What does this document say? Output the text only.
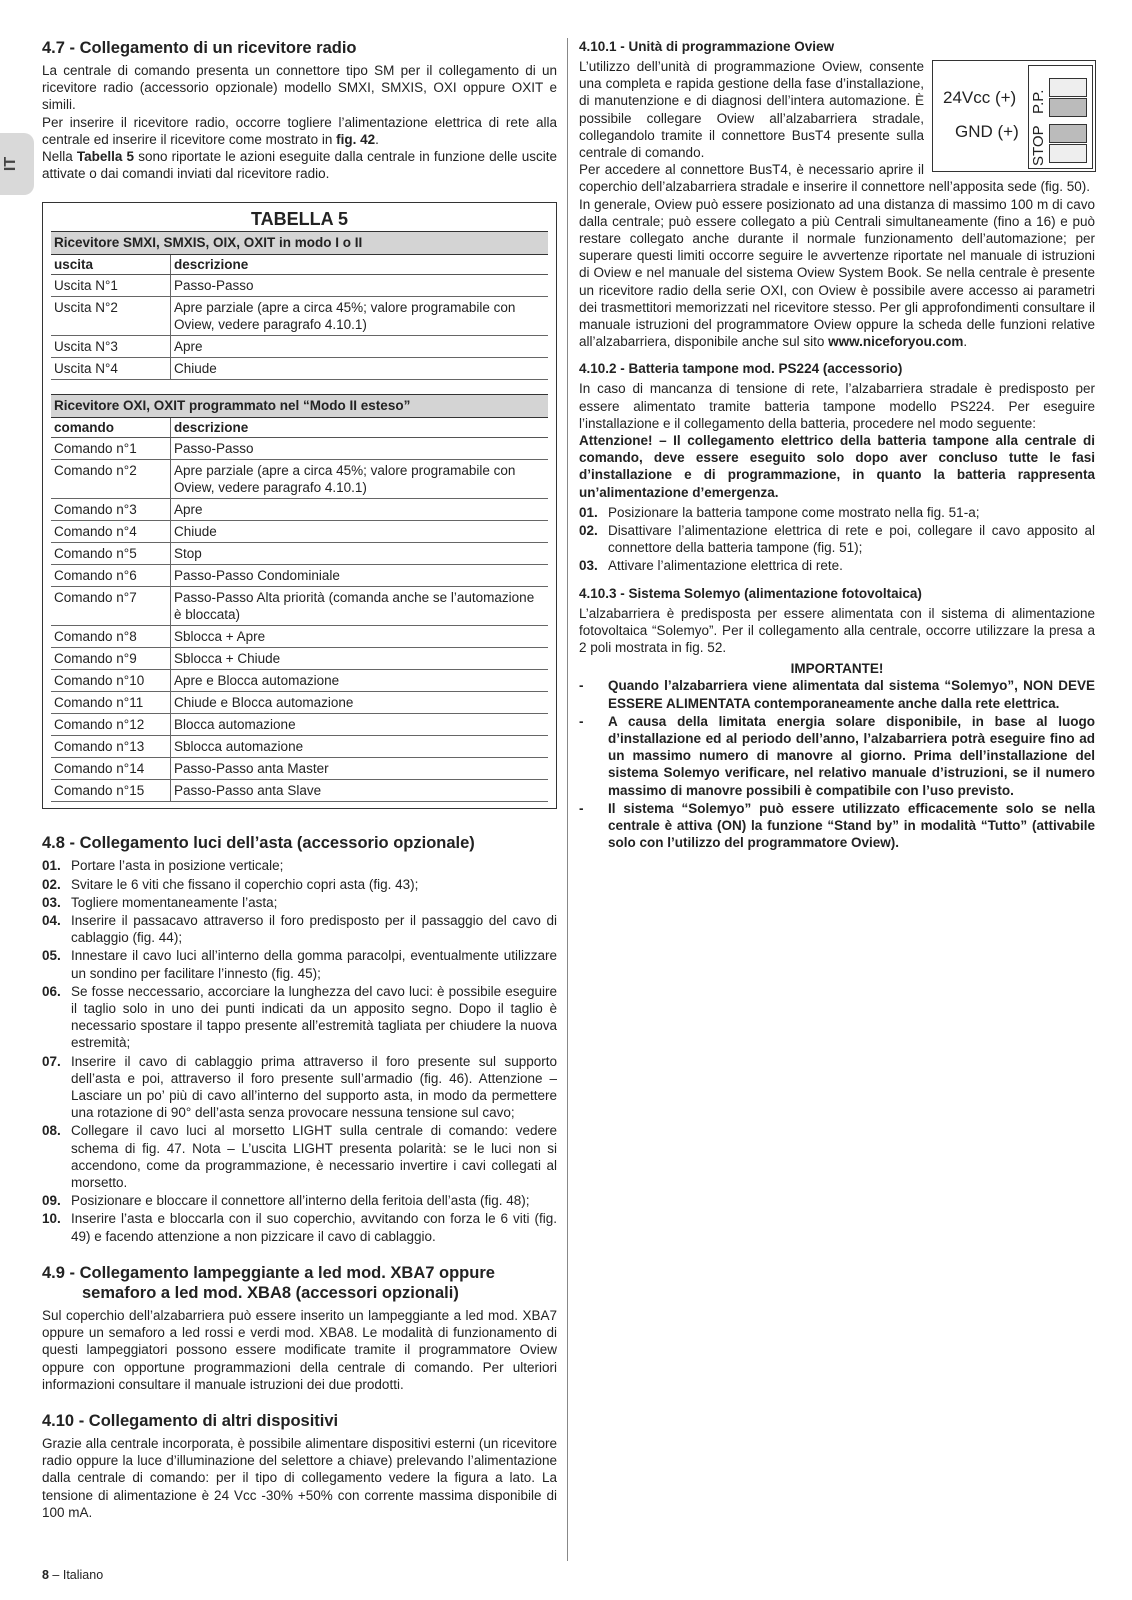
IT
4.7 - Collegamento di un ricevitore radio

La centrale di comando presenta un connettore tipo SM per il collegamento di un ricevitore radio (accessorio opzionale) modello SMXI, SMXIS, OXI oppure OXIT e simili.

Per inserire il ricevitore radio, occorre togliere l’alimentazione elettrica di rete alla centrale ed inserire il ricevitore come mostrato in fig. 42.

Nella Tabella 5 sono riportate le azioni eseguite dalla centrale in funzione delle uscite attivate o dai comandi inviati dal ricevitore radio.

TABELLA 5
Ricevitore SMXI, SMXIS, OIX, OXIT in modo I o II
uscita	descrizione
Uscita N°1	Passo-Passo
Uscita N°2	Apre parziale (apre a circa 45%; valore programabile con Oview, vedere paragrafo 4.10.1)
Uscita N°3	Apre
Uscita N°4	Chiude
Ricevitore OXI, OXIT programmato nel “Modo II esteso”
comando	descrizione
Comando n°1	Passo-Passo
Comando n°2	Apre parziale (apre a circa 45%; valore programabile con Oview, vedere paragrafo 4.10.1)
Comando n°3	Apre
Comando n°4	Chiude
Comando n°5	Stop
Comando n°6	Passo-Passo Condominiale
Comando n°7	Passo-Passo Alta priorità (comanda anche se l’automazione è bloccata)
Comando n°8	Sblocca + Apre
Comando n°9	Sblocca + Chiude
Comando n°10	Apre e Blocca automazione
Comando n°11	Chiude e Blocca automazione
Comando n°12	Blocca automazione
Comando n°13	Sblocca automazione
Comando n°14	Passo-Passo anta Master
Comando n°15	Passo-Passo anta Slave
4.8 - Collegamento luci dell’asta (accessorio opzionale)
01. Portare l’asta in posizione verticale;
02. Svitare le 6 viti che fissano il coperchio copri asta (fig. 43);
03. Togliere momentaneamente l’asta;
04. Inserire il passacavo attraverso il foro predisposto per il passaggio del cavo di cablaggio (fig. 44);
05. Innestare il cavo luci all’interno della gomma paracolpi, eventualmente utilizzare un sondino per facilitare l’innesto (fig. 45);
06. Se fosse neccessario, accorciare la lunghezza del cavo luci: è possibile eseguire il taglio solo in uno dei punti indicati da un apposito segno. Dopo il taglio è necessario spostare il tappo presente all’estremità tagliata per chiudere la nuova estremità;
07. Inserire il cavo di cablaggio prima attraverso il foro presente sul supporto dell’asta e poi, attraverso il foro presente sull’armadio (fig. 46). Attenzione – Lasciare un po’ più di cavo all’interno del supporto asta, in modo da permettere una rotazione di 90° dell’asta senza provocare nessuna tensione sul cavo;
08. Collegare il cavo luci al morsetto LIGHT sulla centrale di comando: vedere schema di fig. 47. Nota – L’uscita LIGHT presenta polarità: se le luci non si accendono, come da programmazione, è necessario invertire i cavi collegati al morsetto.
09. Posizionare e bloccare il connettore all’interno della feritoia dell’asta (fig. 48);
10. Inserire l’asta e bloccarla con il suo coperchio, avvitando con forza le 6 viti (fig. 49) e facendo attenzione a non pizzicare il cavo di cablaggio.
4.9 - Collegamento lampeggiante a led mod. XBA7 oppure semaforo a led mod. XBA8 (accessori opzionali)

Sul coperchio dell’alzabarriera può essere inserito un lampeggiante a led mod. XBA7 oppure un semaforo a led rossi e verdi mod. XBA8. Le modalità di funzionamento di questi lampeggiatori possono essere modificate tramite il programmatore Oview oppure con opportune programmazioni della centrale di comando. Per ulteriori informazioni consultare il manuale istruzioni dei due prodotti.

4.10 - Collegamento di altri dispositivi

Grazie alla centrale incorporata, è possibile alimentare dispositivi esterni (un ricevitore radio oppure la luce d’illuminazione del selettore a chiave) prelevando l’alimentazione dalla centrale di comando: per il tipo di collegamento vedere la figura a lato. La tensione di alimentazione è 24 Vcc -30% +50% con corrente massima disponibile di 100 mA.

4.10.1 - Unità di programmazione Oview
24Vcc (+)
GND (+)
P.P.
STOP

L’utilizzo dell’unità di programmazione Oview, consente una completa e rapida gestione della fase d’installazione, di manutenzione e di diagnosi dell’intera automazione. È possibile collegare Oview all’alzabarriera stradale, collegandolo tramite il connettore BusT4 presente sulla centrale di comando.

Per accedere al connettore BusT4, è necessario aprire il coperchio dell’alzabarriera stradale e inserire il connettore nell’apposita sede (fig. 50).

In generale, Oview può essere posizionato ad una distanza di massimo 100 m di cavo dalla centrale; può essere collegato a più Centrali simultaneamente (fino a 16) e può restare collegato anche durante il normale funzionamento dell’automazione; per superare questi limiti occorre seguire le avvertenze riportate nel manuale di istruzioni di Oview e nel manuale del sistema Oview System Book. Se nella centrale è presente un ricevitore radio della serie OXI, con Oview è possibile avere accesso ai parametri dei trasmettitori memorizzati nel ricevitore stesso. Per gli approfondimenti consultare il manuale istruzioni del programmatore Oview oppure la scheda delle funzioni relative all’alzabarriera, disponibile anche sul sito www.niceforyou.com.

4.10.2 - Batteria tampone mod. PS224 (accessorio)

In caso di mancanza di tensione di rete, l’alzabarriera stradale è predisposto per essere alimentato tramite batteria tampone modello PS224. Per eseguire l’installazione e il collegamento della batteria, procedere nel modo seguente:

Attenzione! – Il collegamento elettrico della batteria tampone alla centrale di comando, deve essere eseguito solo dopo aver concluso tutte le fasi d’installazione e di programmazione, in quanto la batteria rappresenta un’alimentazione d’emergenza.

01. Posizionare la batteria tampone come mostrato nella fig. 51-a;
02. Disattivare l’alimentazione elettrica di rete e poi, collegare il cavo apposito al connettore della batteria tampone (fig. 51);
03. Attivare l’alimentazione elettrica di rete.
4.10.3 - Sistema Solemyo (alimentazione fotovoltaica)

L’alzabarriera è predisposta per essere alimentata con il sistema di alimentazione fotovoltaica “Solemyo”. Per il collegamento alla centrale, occorre utilizzare la presa a 2 poli mostrata in fig. 52.

IMPORTANTE!
- Quando l’alzabarriera viene alimentata dal sistema “Solemyo”, NON DEVE ESSERE ALIMENTATA contemporaneamente anche dalla rete elettrica.
- A causa della limitata energia solare disponibile, in base al luogo d’installazione ed al periodo dell’anno, l’alzabarriera potrà eseguire fino ad un massimo numero di manovre al giorno. Prima dell’installazione del sistema Solemyo verificare, nel relativo manuale d’istruzioni, se il numero massimo di manovre possibili è compatibile con l’uso previsto.
- Il sistema “Solemyo” può essere utilizzato efficacemente solo se nella centrale è attiva (ON) la funzione “Stand by” in modalità “Tutto” (attivabile solo con l’utilizzo del programmatore Oview).
8 – Italiano
